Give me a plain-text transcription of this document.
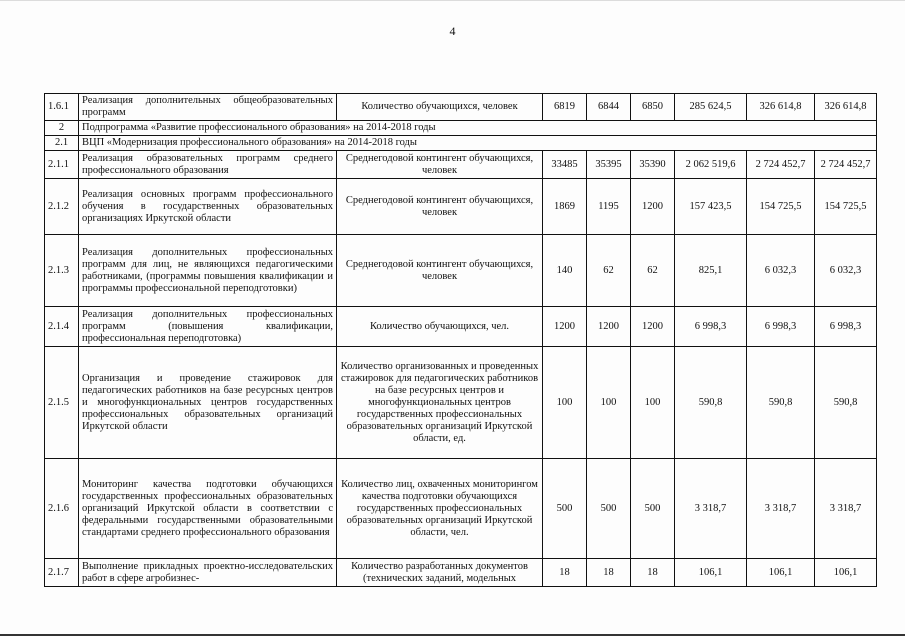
4
1.6.1	Реализация дополнительных общеобразовательных программ	Количество обучающихся, человек	6819	6844	6850	285 624,5	326 614,8	326 614,8
2	Подпрограмма «Развитие профессионального образования» на 2014-2018 годы							
2.1	ВЦП «Модернизация профессионального образования» на 2014-2018 годы							
2.1.1	Реализация образовательных программ среднего профессионального образования	Среднегодовой контингент обучающихся, человек	33485	35395	35390	2 062 519,6	2 724 452,7	2 724 452,7
2.1.2	Реализация основных программ профессионального обучения в государственных образовательных организациях Иркутской области	Среднегодовой контингент обучающихся, человек	1869	1195	1200	157 423,5	154 725,5	154 725,5
2.1.3	Реализация дополнительных профессиональных программ для лиц, не являющихся педагогическими работниками, (программы повышения квалификации и программы профессиональной переподготовки)	Среднегодовой контингент обучающихся, человек	140	62	62	825,1	6 032,3	6 032,3
2.1.4	Реализация дополнительных профессиональных программ (повышения квалификации, профессиональная переподготовка)	Количество обучающихся, чел.	1200	1200	1200	6 998,3	6 998,3	6 998,3
2.1.5	Организация и проведение стажировок для педагогических работников на базе ресурсных центров и многофункциональных центров государственных профессиональных образовательных организаций Иркутской области	Количество организованных и проведенных стажировок для педагогических работников на базе ресурсных центров и многофункциональных центров государственных профессиональных образовательных организаций Иркутской области, ед.	100	100	100	590,8	590,8	590,8
2.1.6	Мониторинг качества подготовки обучающихся государственных профессиональных образовательных организаций Иркутской области в соответствии с федеральными государственными образовательными стандартами среднего профессионального образования	Количество лиц, охваченных мониторингом качества подготовки обучающихся государственных профессиональных образовательных организаций Иркутской области, чел.	500	500	500	3 318,7	3 318,7	3 318,7
2.1.7	Выполнение прикладных проектно-исследовательских работ в сфере агробизнес-	Количество разработанных документов (технических заданий, модельных	18	18	18	106,1	106,1	106,1
